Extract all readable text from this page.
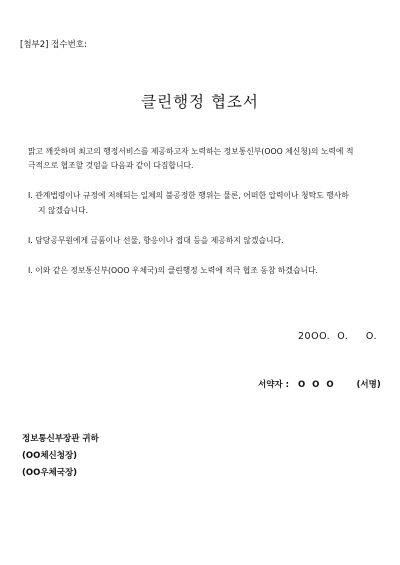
[첨부2] 접수번호:
클린행정 협조서
맑고 깨끗하며 최고의 행정서비스를 제공하고자 노력하는 정보통신부(OOO 체신청)의 노력에 적
극적으로 협조할 것임을 다음과 같이 다짐합니다.
Ⅰ. 관계법령이나 규정에 저해되는 일체의 불공정한 행위는 물론, 어떠한 압력이나 청탁도 행사하
지 않겠습니다.
Ⅰ. 담당공무원에게 금품이나 선물, 향응이나 접대 등을 제공하지 않겠습니다.
Ⅰ. 이와 같은 정보통신부(OOO 우체국)의 클린행정 노력에 적극 협조 동참 하겠습니다.
20OO.  O.     O.
서약자 : O O O (서명)
정보통신부장관 귀하
(OO체신청장)
(OO우체국장)
